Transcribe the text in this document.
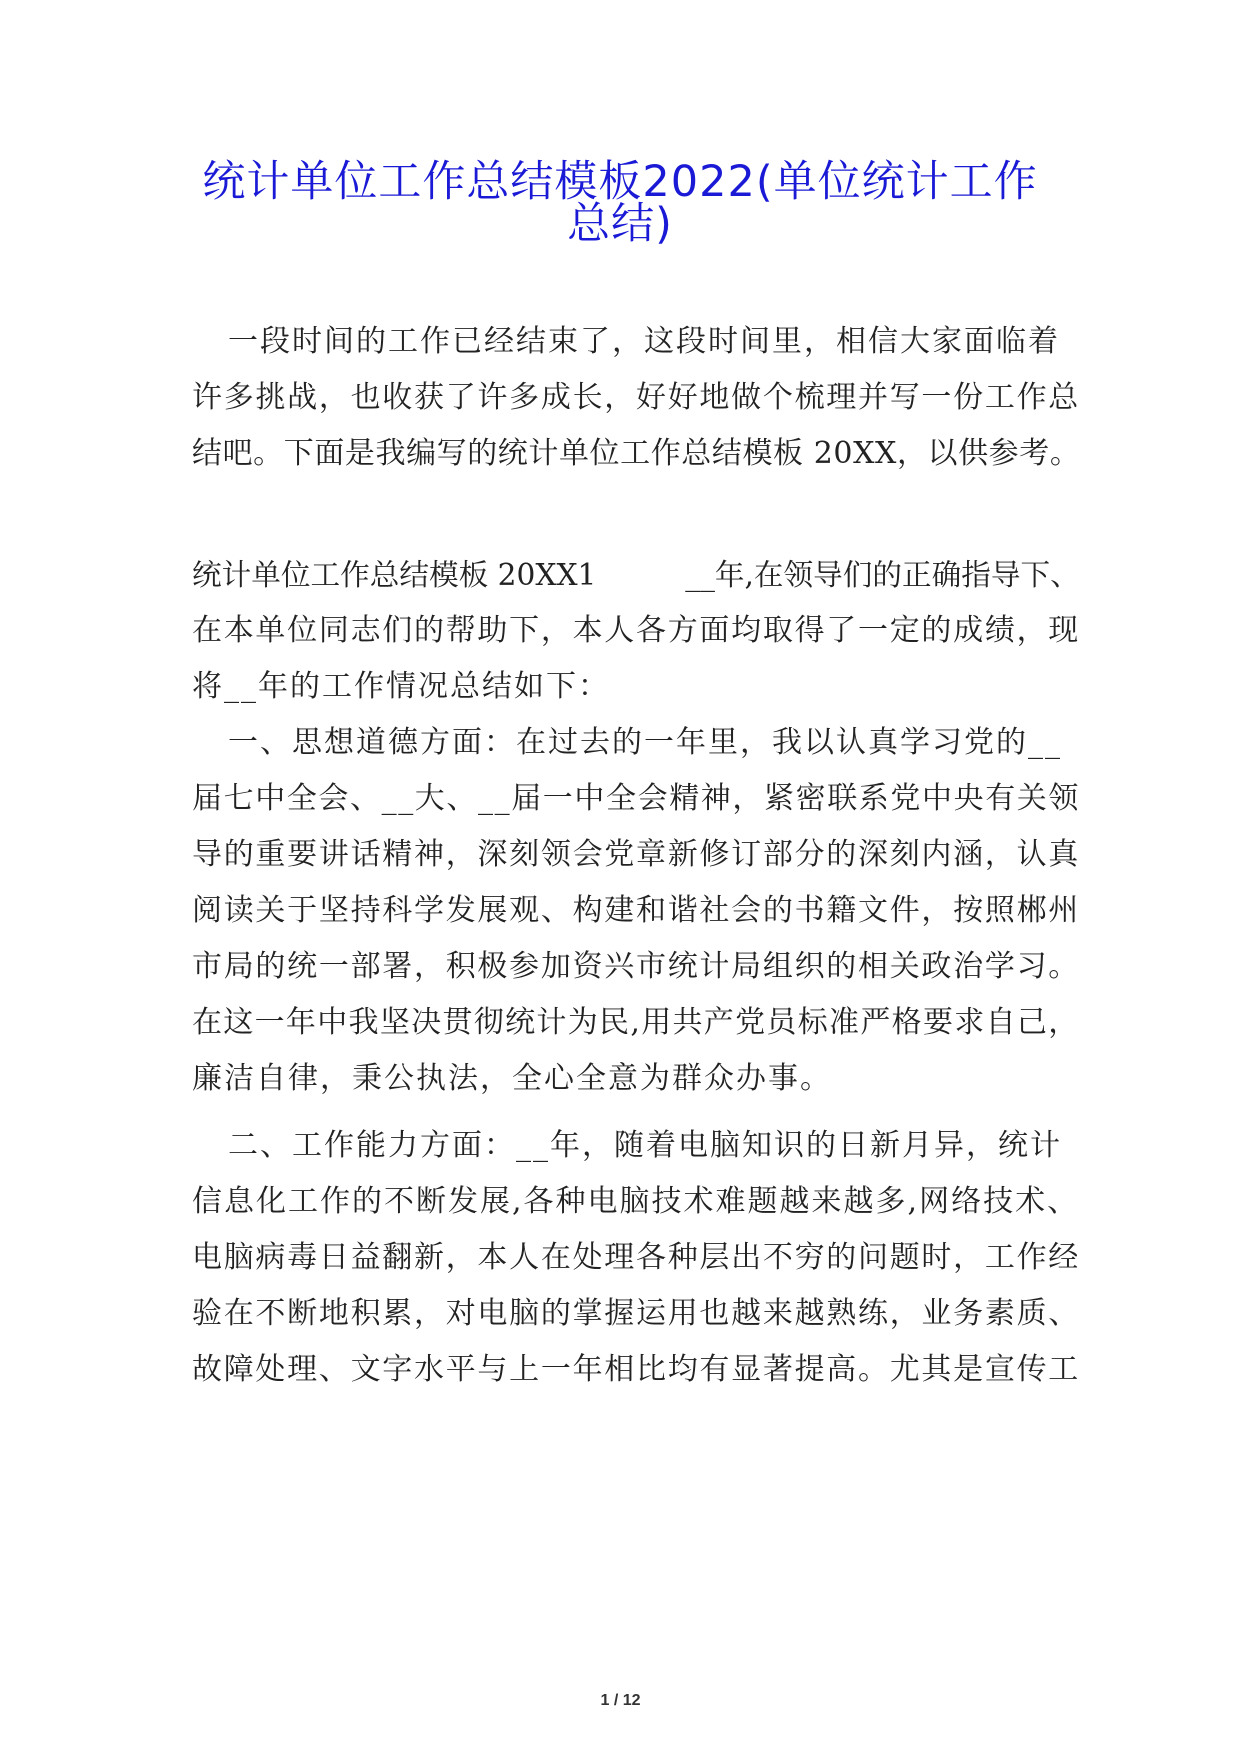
统计单位工作总结模板2022(单位统计工作
总结)

一段时间的工作已经结束了，这段时间里，相信大家面临着

许多挑战，也收获了许多成长，好好地做个梳理并写一份工作总

结吧。下面是我编写的统计单位工作总结模板 20XX，以供参考。

统计单位工作总结模板 20XX1　　　__年,在领导们的正确指导下、

在本单位同志们的帮助下，本人各方面均取得了一定的成绩，现

将__年的工作情况总结如下：

一、思想道德方面：在过去的一年里，我以认真学习党的__

届七中全会、__大、__届一中全会精神，紧密联系党中央有关领

导的重要讲话精神，深刻领会党章新修订部分的深刻内涵，认真

阅读关于坚持科学发展观、构建和谐社会的书籍文件，按照郴州

市局的统一部署，积极参加资兴市统计局组织的相关政治学习。

在这一年中我坚决贯彻统计为民,用共产党员标准严格要求自己，

廉洁自律，秉公执法，全心全意为群众办事。

二、工作能力方面：__年，随着电脑知识的日新月异，统计

信息化工作的不断发展,各种电脑技术难题越来越多,网络技术、

电脑病毒日益翻新，本人在处理各种层出不穷的问题时，工作经

验在不断地积累，对电脑的掌握运用也越来越熟练，业务素质、

故障处理、文字水平与上一年相比均有显著提高。尤其是宣传工

1 / 12
